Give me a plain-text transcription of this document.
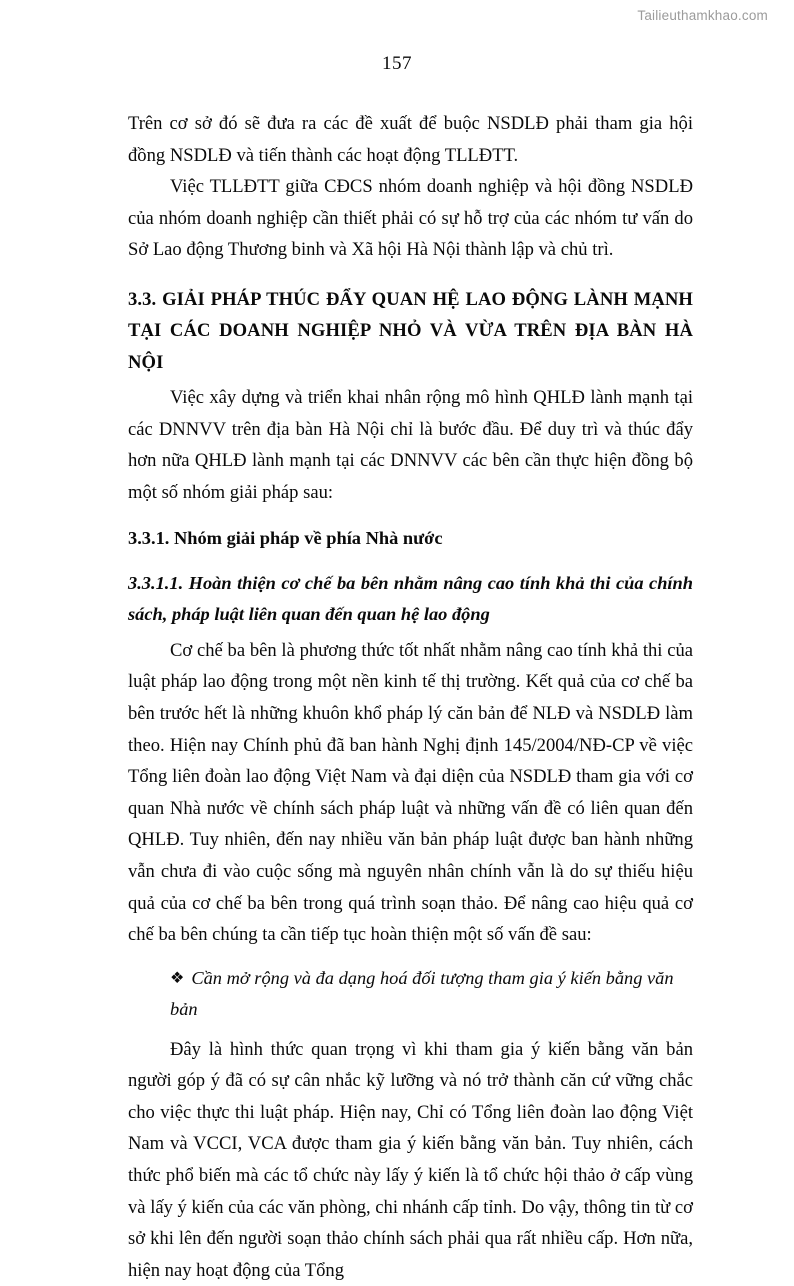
Tailieuthamkhao.com
157

Trên cơ sở đó sẽ đưa ra các đề xuất để buộc NSDLĐ phải tham gia hội đồng NSDLĐ và tiến thành các hoạt động TLLĐTT.

Việc TLLĐTT giữa CĐCS nhóm doanh nghiệp và hội đồng NSDLĐ của nhóm doanh nghiệp cần thiết phải có sự hỗ trợ của các nhóm tư vấn do Sở Lao động Thương binh và Xã hội Hà Nội thành lập và chủ trì.

3.3. GIẢI PHÁP THÚC ĐẨY QUAN HỆ LAO ĐỘNG LÀNH MẠNH TẠI CÁC DOANH NGHIỆP NHỎ VÀ VỪA TRÊN ĐỊA BÀN HÀ NỘI

Việc xây dựng và triển khai nhân rộng mô hình QHLĐ lành mạnh tại các DNNVV trên địa bàn Hà Nội chỉ là bước đầu. Để duy trì và thúc đẩy hơn nữa QHLĐ lành mạnh tại các DNNVV các bên cần thực hiện đồng bộ một số nhóm giải pháp sau:

3.3.1. Nhóm giải pháp về phía Nhà nước
3.3.1.1. Hoàn thiện cơ chế ba bên nhằm nâng cao tính khả thi của chính sách, pháp luật liên quan đến quan hệ lao động

Cơ chế ba bên là phương thức tốt nhất nhằm nâng cao tính khả thi của luật pháp lao động trong một nền kinh tế thị trường. Kết quả của cơ chế ba bên trước hết là những khuôn khổ pháp lý căn bản để NLĐ và NSDLĐ làm theo. Hiện nay Chính phủ đã ban hành Nghị định 145/2004/NĐ-CP về việc Tổng liên đoàn lao động Việt Nam và đại diện của NSDLĐ tham gia với cơ quan Nhà nước về chính sách pháp luật và những vấn đề có liên quan đến QHLĐ. Tuy nhiên, đến nay nhiều văn bản pháp luật được ban hành những vẫn chưa đi vào cuộc sống mà nguyên nhân chính vẫn là do sự thiếu hiệu quả của cơ chế ba bên trong quá trình soạn thảo. Để nâng cao hiệu quả cơ chế ba bên chúng ta cần tiếp tục hoàn thiện một số vấn đề sau:

❖ Cần mở rộng và đa dạng hoá đối tượng tham gia ý kiến bằng văn bản

Đây là hình thức quan trọng vì khi tham gia ý kiến bằng văn bản người góp ý đã có sự cân nhắc kỹ lưỡng và nó trở thành căn cứ vững chắc cho việc thực thi luật pháp. Hiện nay, Chỉ có Tổng liên đoàn lao động Việt Nam và VCCI, VCA được tham gia ý kiến bằng văn bản. Tuy nhiên, cách thức phổ biến mà các tổ chức này lấy ý kiến là tổ chức hội thảo ở cấp vùng và lấy ý kiến của các văn phòng, chi nhánh cấp tỉnh. Do vậy, thông tin từ cơ sở khi lên đến người soạn thảo chính sách phải qua rất nhiều cấp. Hơn nữa, hiện nay hoạt động của Tổng
